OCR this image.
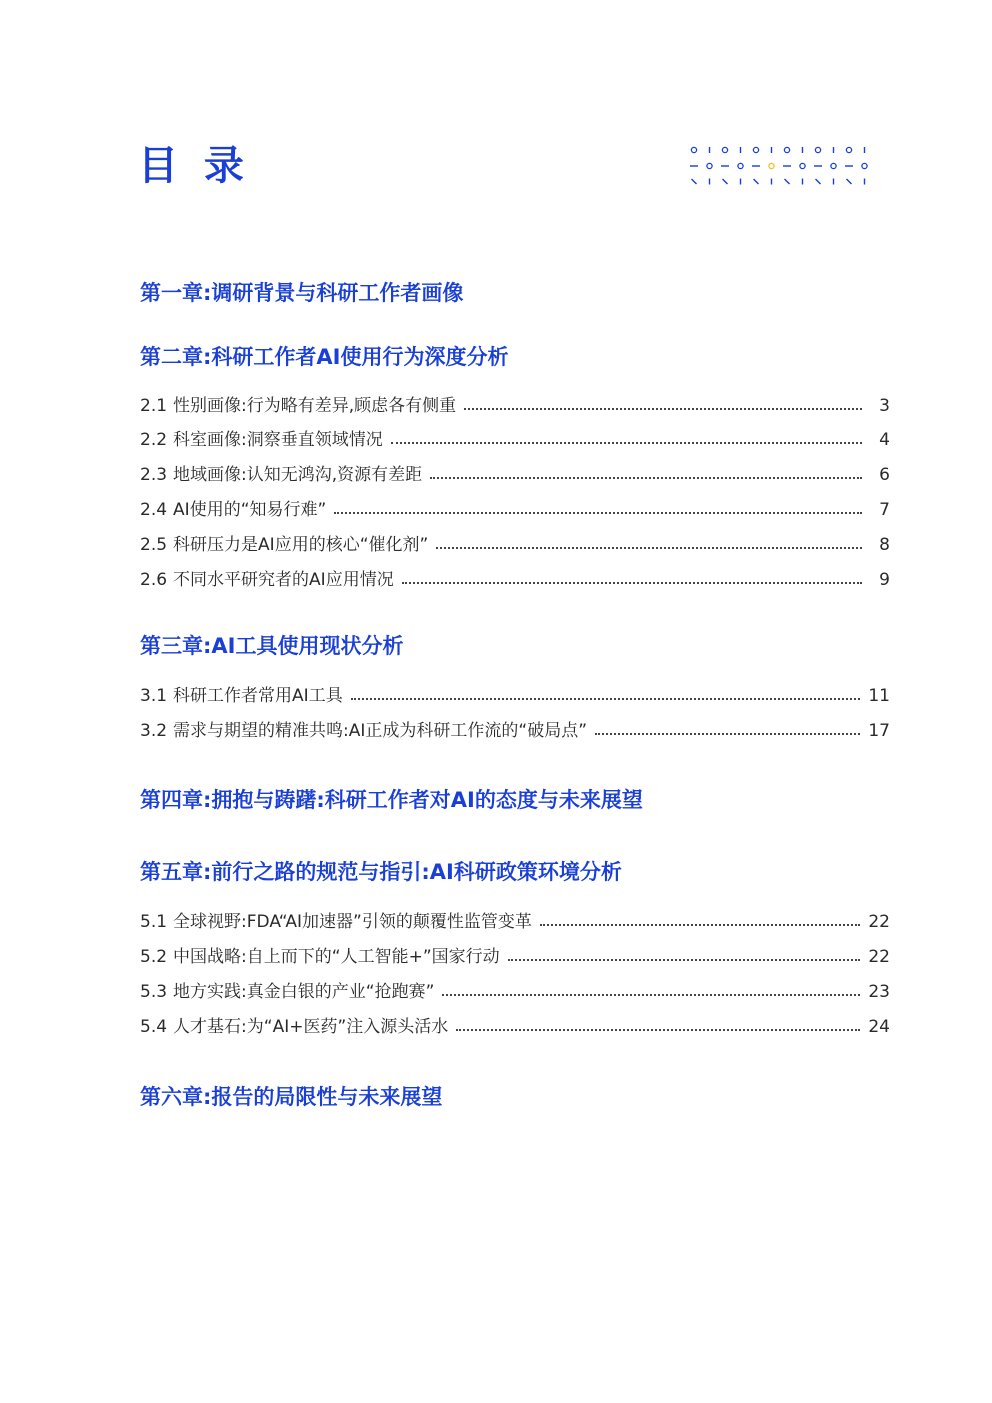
目 录
第一章:调研背景与科研工作者画像
第二章:科研工作者AI使用行为深度分析
2.1 性别画像:行为略有差异,顾虑各有侧重	3
2.2 科室画像:洞察垂直领域情况	4
2.3 地域画像:认知无鸿沟,资源有差距	6
2.4 AI使用的“知易行难”	7
2.5 科研压力是AI应用的核心“催化剂”	8
2.6 不同水平研究者的AI应用情况	9
第三章:AI工具使用现状分析
3.1 科研工作者常用AI工具	11
3.2 需求与期望的精准共鸣:AI正成为科研工作流的“破局点”	17
第四章:拥抱与踌躇:科研工作者对AI的态度与未来展望
第五章:前行之路的规范与指引:AI科研政策环境分析
5.1 全球视野:FDA“AI加速器”引领的颠覆性监管变革	22
5.2 中国战略:自上而下的“人工智能+”国家行动	22
5.3 地方实践:真金白银的产业“抢跑赛”	23
5.4 人才基石:为“AI+医药”注入源头活水	24
第六章:报告的局限性与未来展望
